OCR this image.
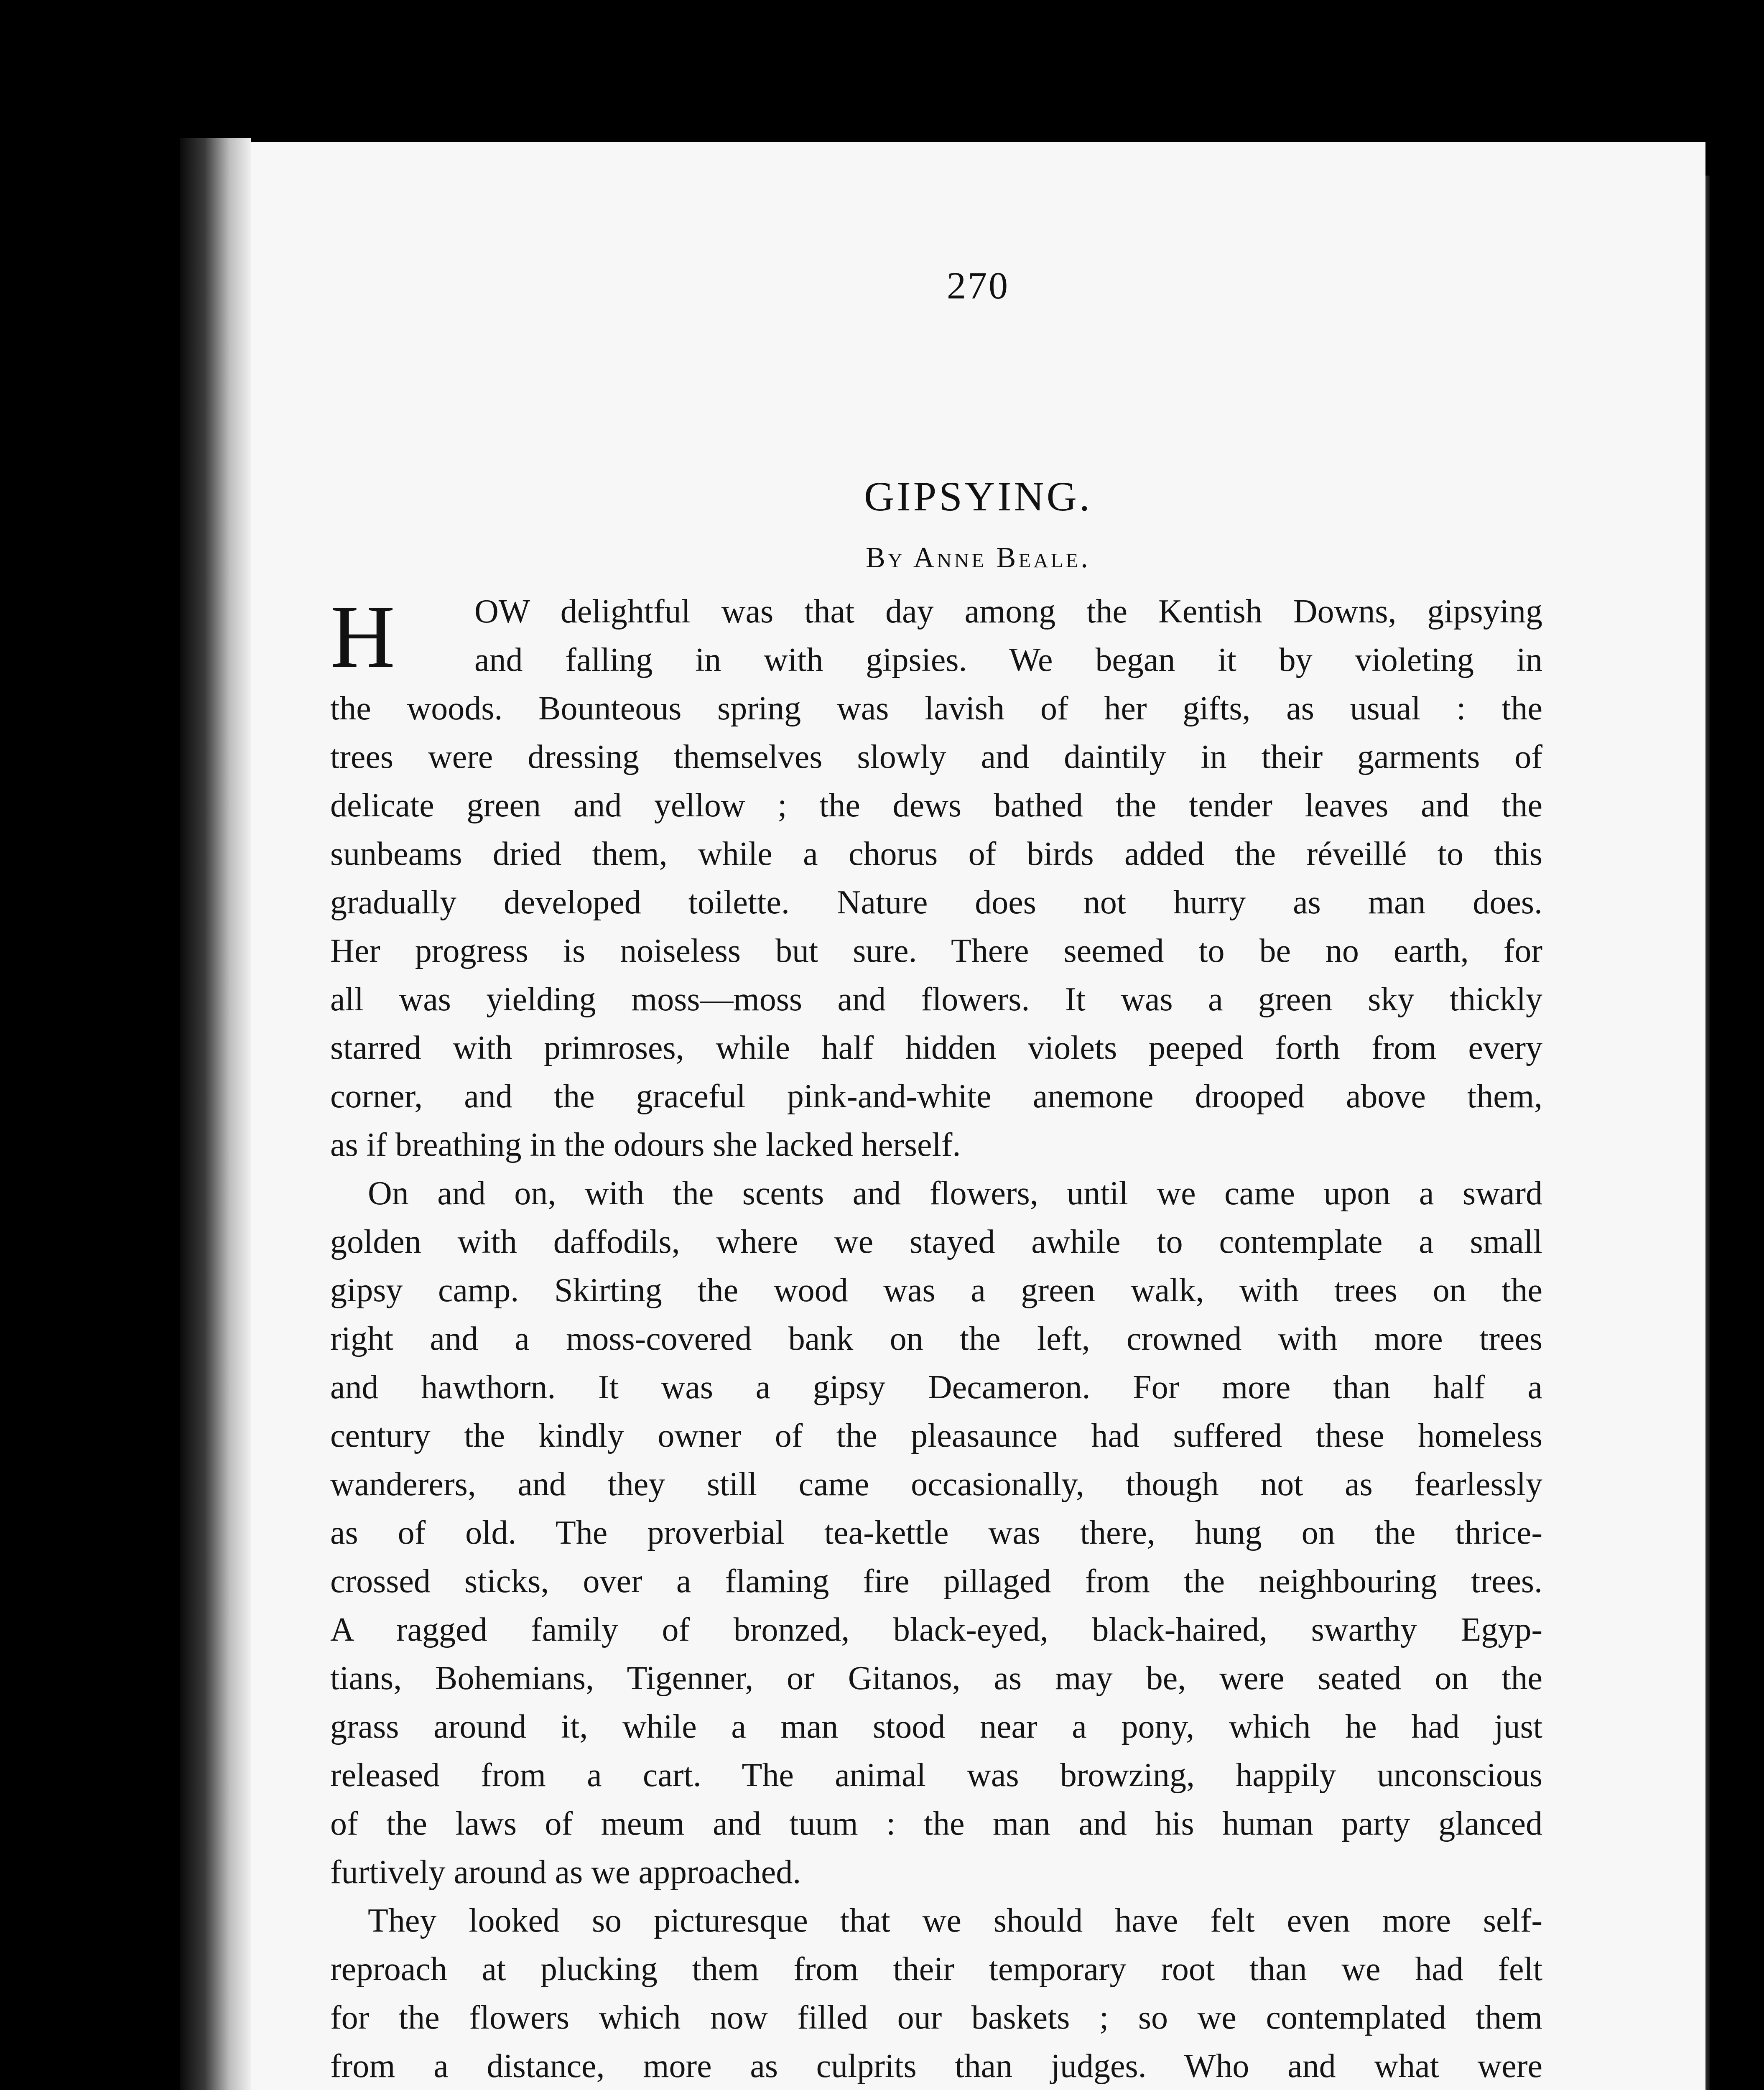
270
GIPSYING.
By Anne Beale.
H	OW delightful was that day among the Kentish Downs, gipsying
and falling in with gipsies. We began it by violeting in
the woods. Bounteous spring was lavish of her gifts, as usual : the
trees were dressing themselves slowly and daintily in their garments of
delicate green and yellow ; the dews bathed the tender leaves and the
sunbeams dried them, while a chorus of birds added the réveillé to this
gradually developed toilette. Nature does not hurry as man does.
Her progress is noiseless but sure. There seemed to be no earth, for
all was yielding moss—moss and flowers. It was a green sky thickly
starred with primroses, while half hidden violets peeped forth from every
corner, and the graceful pink-and-white anemone drooped above them,
as if breathing in the odours she lacked herself.
On and on, with the scents and flowers, until we came upon a sward
golden with daffodils, where we stayed awhile to contemplate a small
gipsy camp. Skirting the wood was a green walk, with trees on the
right and a moss-covered bank on the left, crowned with more trees
and hawthorn. It was a gipsy Decameron. For more than half a
century the kindly owner of the pleasaunce had suffered these homeless
wanderers, and they still came occasionally, though not as fearlessly
as of old. The proverbial tea-kettle was there, hung on the thrice-
crossed sticks, over a flaming fire pillaged from the neighbouring trees.
A ragged family of bronzed, black-eyed, black-haired, swarthy Egyp-
tians, Bohemians, Tigenner, or Gitanos, as may be, were seated on the
grass around it, while a man stood near a pony, which he had just
released from a cart. The animal was browzing, happily unconscious
of the laws of meum and tuum : the man and his human party glanced
furtively around as we approached.
They looked so picturesque that we should have felt even more self-
reproach at plucking them from their temporary root than we had felt
for the flowers which now filled our baskets ; so we contemplated them
from a distance, more as culprits than judges. Who and what were
